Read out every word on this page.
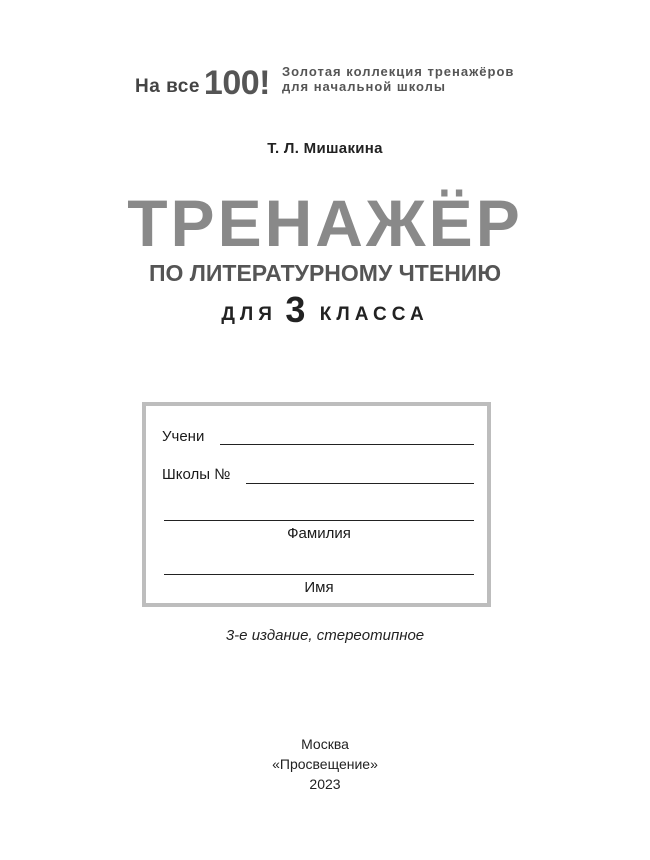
На все 100! Золотая коллекция тренажёров
для начальной школы
Т. Л. Мишакина
ТРЕНАЖЁР
ПО ЛИТЕРАТУРНОМУ ЧТЕНИЮ
ДЛЯ 3 КЛАССА
Учени
Школы №
Фамилия
Имя
3-е издание, стереотипное
Москва
«Просвещение»
2023
